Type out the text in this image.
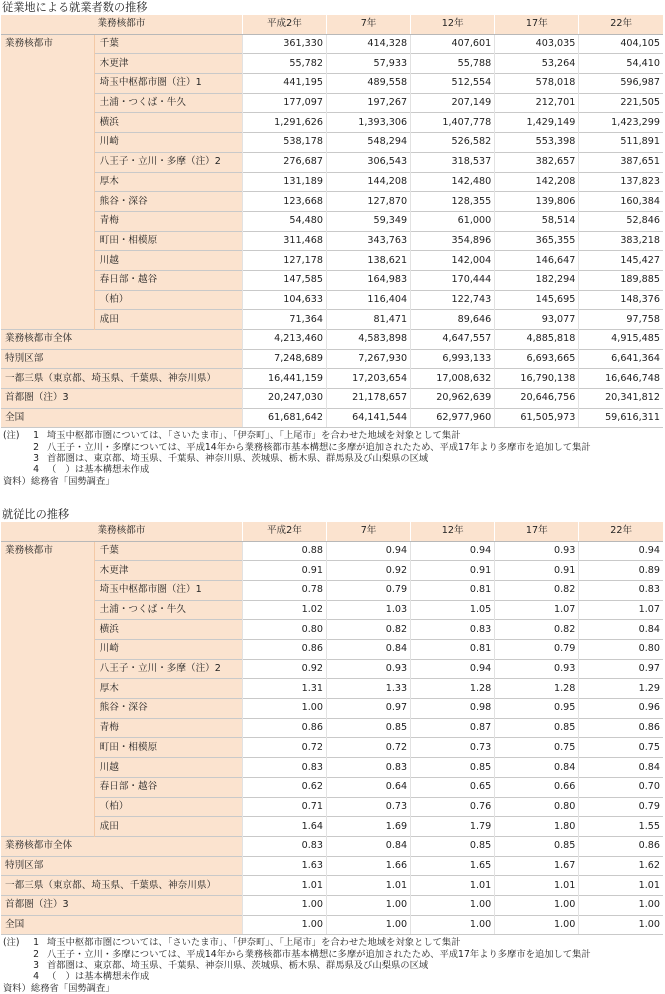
従業地による就業者数の推移
業務核都市		平成2年	7年	12年	17年	22年
業務核都市	千葉	361,330	414,328	407,601	403,035	404,105
	木更津	55,782	57,933	55,788	53,264	54,410
	埼玉中枢都市圏（注）1	441,195	489,558	512,554	578,018	596,987
	土浦・つくば・牛久	177,097	197,267	207,149	212,701	221,505
	横浜	1,291,626	1,393,306	1,407,778	1,429,149	1,423,299
	川崎	538,178	548,294	526,582	553,398	511,891
	八王子・立川・多摩（注）2	276,687	306,543	318,537	382,657	387,651
	厚木	131,189	144,208	142,480	142,208	137,823
	熊谷・深谷	123,668	127,870	128,355	139,806	160,384
	青梅	54,480	59,349	61,000	58,514	52,846
	町田・相模原	311,468	343,763	354,896	365,355	383,218
	川越	127,178	138,621	142,004	146,647	145,427
	春日部・越谷	147,585	164,983	170,444	182,294	189,885
	（柏）	104,633	116,404	122,743	145,695	148,376
	成田	71,364	81,471	89,646	93,077	97,758
業務核都市全体		4,213,460	4,583,898	4,647,557	4,885,818	4,915,485
特別区部		7,248,689	7,267,930	6,993,133	6,693,665	6,641,364
一都三県（東京都、埼玉県、千葉県、神奈川県）		16,441,159	17,203,654	17,008,632	16,790,138	16,646,748
首都圏（注）3		20,247,030	21,178,657	20,962,639	20,646,756	20,341,812
全国		61,681,642	64,141,544	62,977,960	61,505,973	59,616,311
(注)	1 埼玉中枢都市圏については、「さいたま市」、「伊奈町」、「上尾市」を合わせた地域を対象として集計
2 八王子・立川・多摩については、平成14年から業務核都市基本構想に多摩が追加されたため、平成17年より多摩市を追加して集計
3 首都圏は、東京都、埼玉県、千葉県、神奈川県、茨城県、栃木県、群馬県及び山梨県の区域
4 （　）は基本構想未作成
資料）総務省「国勢調査」
就従比の推移
業務核都市		平成2年	7年	12年	17年	22年
業務核都市	千葉	0.88	0.94	0.94	0.93	0.94
	木更津	0.91	0.92	0.91	0.91	0.89
	埼玉中枢都市圏（注）1	0.78	0.79	0.81	0.82	0.83
	土浦・つくば・牛久	1.02	1.03	1.05	1.07	1.07
	横浜	0.80	0.82	0.83	0.82	0.84
	川崎	0.86	0.84	0.81	0.79	0.80
	八王子・立川・多摩（注）2	0.92	0.93	0.94	0.93	0.97
	厚木	1.31	1.33	1.28	1.28	1.29
	熊谷・深谷	1.00	0.97	0.98	0.95	0.96
	青梅	0.86	0.85	0.87	0.85	0.86
	町田・相模原	0.72	0.72	0.73	0.75	0.75
	川越	0.83	0.83	0.85	0.84	0.84
	春日部・越谷	0.62	0.64	0.65	0.66	0.70
	（柏）	0.71	0.73	0.76	0.80	0.79
	成田	1.64	1.69	1.79	1.80	1.55
業務核都市全体		0.83	0.84	0.85	0.85	0.86
特別区部		1.63	1.66	1.65	1.67	1.62
一都三県（東京都、埼玉県、千葉県、神奈川県）		1.01	1.01	1.01	1.01	1.01
首都圏（注）3		1.00	1.00	1.00	1.00	1.00
全国		1.00	1.00	1.00	1.00	1.00
(注)	1 埼玉中枢都市圏については、「さいたま市」、「伊奈町」、「上尾市」を合わせた地域を対象として集計
2 八王子・立川・多摩については、平成14年から業務核都市基本構想に多摩が追加されたため、平成17年より多摩市を追加して集計
3 首都圏は、東京都、埼玉県、千葉県、神奈川県、茨城県、栃木県、群馬県及び山梨県の区域
4 （　）は基本構想未作成
資料）総務省「国勢調査」
